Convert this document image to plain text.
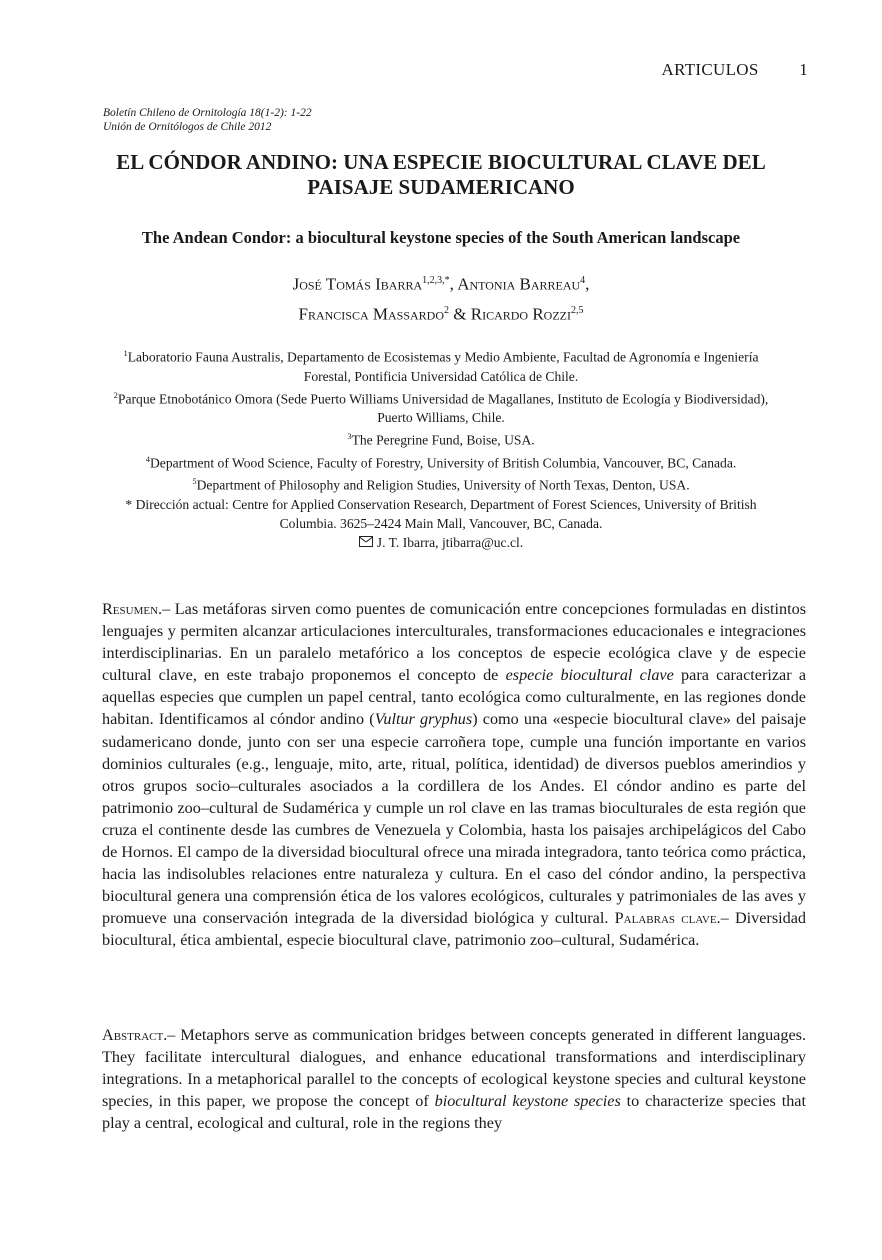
ARTICULOS 1
Boletín Chileno de Ornitología 18(1-2): 1-22
Unión de Ornitólogos de Chile 2012
EL CÓNDOR ANDINO: UNA ESPECIE BIOCULTURAL CLAVE DEL PAISAJE SUDAMERICANO
The Andean Condor: a biocultural keystone species of the South American landscape
José Tomás Ibarra$^{1,2,3,*}$, Antonia Barreau$^4$,
Francisca Massardo$^2$ & Ricardo Rozzi$^{2,5}$

$^1$Laboratorio Fauna Australis, Departamento de Ecosistemas y Medio Ambiente, Facultad de Agronomía e Ingeniería Forestal, Pontificia Universidad Católica de Chile.

$^2$Parque Etnobotánico Omora (Sede Puerto Williams Universidad de Magallanes, Instituto de Ecología y Biodiversidad), Puerto Williams, Chile.

$^3$The Peregrine Fund, Boise, USA.

$^4$Department of Wood Science, Faculty of Forestry, University of British Columbia, Vancouver, BC, Canada.

$^5$Department of Philosophy and Religion Studies, University of North Texas, Denton, USA.

* Dirección actual: Centre for Applied Conservation Research, Department of Forest Sciences, University of British Columbia. 3625–2424 Main Mall, Vancouver, BC, Canada.

J. T. Ibarra, jtibarra@uc.cl.

Resumen.– Las metáforas sirven como puentes de comunicación entre concepciones formuladas en distintos lenguajes y permiten alcanzar articulaciones interculturales, transformaciones educacionales e integraciones interdisciplinarias. En un paralelo metafórico a los conceptos de especie ecológica clave y de especie cultural clave, en este trabajo proponemos el concepto de especie biocultural clave para caracterizar a aquellas especies que cumplen un papel central, tanto ecológica como culturalmente, en las regiones donde habitan. Identificamos al cóndor andino (Vultur gryphus) como una «especie biocultural clave» del paisaje sudamericano donde, junto con ser una especie carroñera tope, cumple una función importante en varios dominios culturales (e.g., lenguaje, mito, arte, ritual, política, identidad) de diversos pueblos amerindios y otros grupos socio–culturales asociados a la cordillera de los Andes. El cóndor andino es parte del patrimonio zoo–cultural de Sudamérica y cumple un rol clave en las tramas bioculturales de esta región que cruza el continente desde las cumbres de Venezuela y Colombia, hasta los paisajes archipelágicos del Cabo de Hornos. El campo de la diversidad biocultural ofrece una mirada integradora, tanto teórica como práctica, hacia las indisolubles relaciones entre naturaleza y cultura. En el caso del cóndor andino, la perspectiva biocultural genera una comprensión ética de los valores ecológicos, culturales y patrimoniales de las aves y promueve una conservación integrada de la diversidad biológica y cultural. Palabras clave.– Diversidad biocultural, ética ambiental, especie biocultural clave, patrimonio zoo–cultural, Sudamérica.

Abstract.– Metaphors serve as communication bridges between concepts generated in different languages. They facilitate intercultural dialogues, and enhance educational transformations and interdisciplinary integrations. In a metaphorical parallel to the concepts of ecological keystone species and cultural keystone species, in this paper, we propose the concept of biocultural keystone species to characterize species that play a central, ecological and cultural, role in the regions they
